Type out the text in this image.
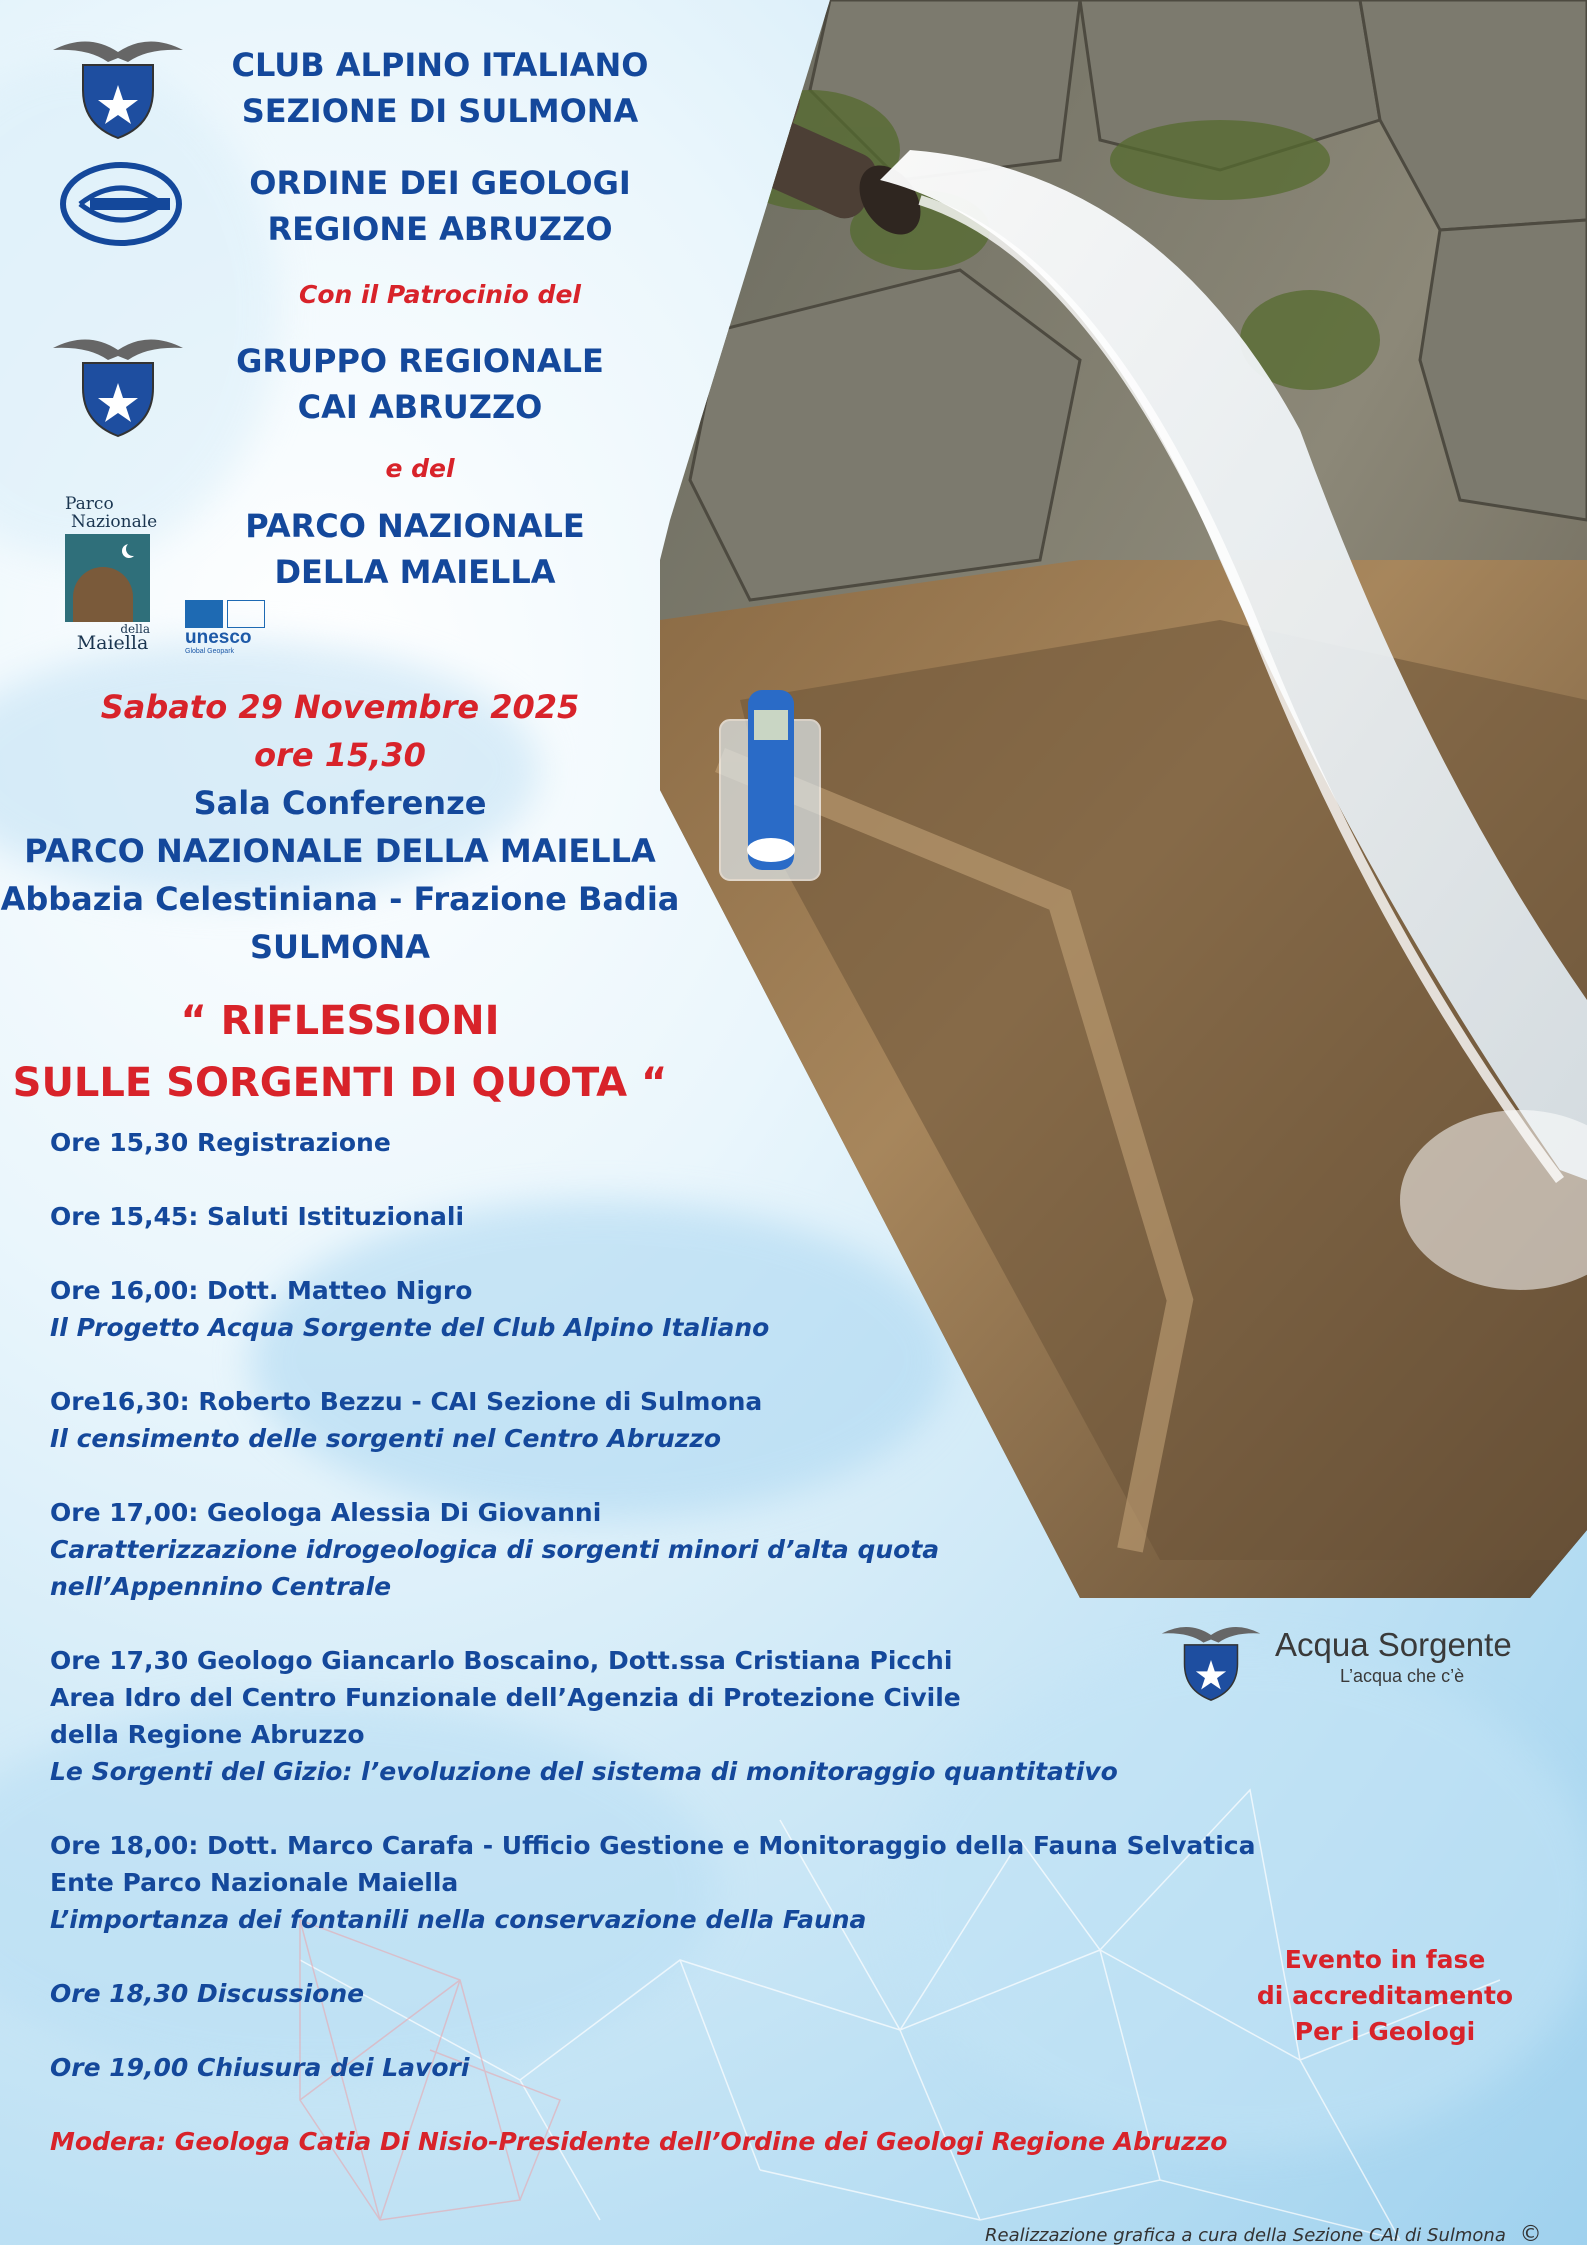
Parco
Nazionale
della
Maiella	unesco
Global Geopark
CLUB ALPINO ITALIANO
SEZIONE DI SULMONA
ORDINE DEI GEOLOGI
REGIONE ABRUZZO
Con il Patrocinio del
GRUPPO REGIONALE
CAI ABRUZZO
e del
PARCO NAZIONALE
DELLA MAIELLA
Sabato 29 Novembre 2025
ore 15,30
Sala Conferenze
PARCO NAZIONALE DELLA MAIELLA
Abbazia Celestiniana - Frazione Badia
SULMONA
“ RIFLESSIONI
SULLE SORGENTI DI QUOTA “
Ore 15,30 Registrazione
Ore 15,45: Saluti Istituzionali
Ore 16,00: Dott. Matteo Nigro
Il Progetto Acqua Sorgente del Club Alpino Italiano
Ore16,30: Roberto Bezzu - CAI Sezione di Sulmona
Il censimento delle sorgenti nel Centro Abruzzo
Ore 17,00: Geologa Alessia Di Giovanni
Caratterizzazione idrogeologica di sorgenti minori d’alta quota
nell’Appennino Centrale
Ore 17,30 Geologo Giancarlo Boscaino, Dott.ssa Cristiana Picchi
Area Idro del Centro Funzionale dell’Agenzia di Protezione Civile
della Regione Abruzzo
Le Sorgenti del Gizio: l’evoluzione del sistema di monitoraggio quantitativo
Ore 18,00: Dott. Marco Carafa - Ufficio Gestione e Monitoraggio della Fauna Selvatica
Ente Parco Nazionale Maiella
L’importanza dei fontanili nella conservazione della Fauna
Ore 18,30 Discussione
Ore 19,00 Chiusura dei Lavori
Modera: Geologa Catia Di Nisio-Presidente dell’Ordine dei Geologi Regione Abruzzo
Acqua Sorgente
L’acqua che c’è
Evento in fase
di accreditamento
Per i Geologi
Realizzazione grafica a cura della Sezione CAI di Sulmona ©
